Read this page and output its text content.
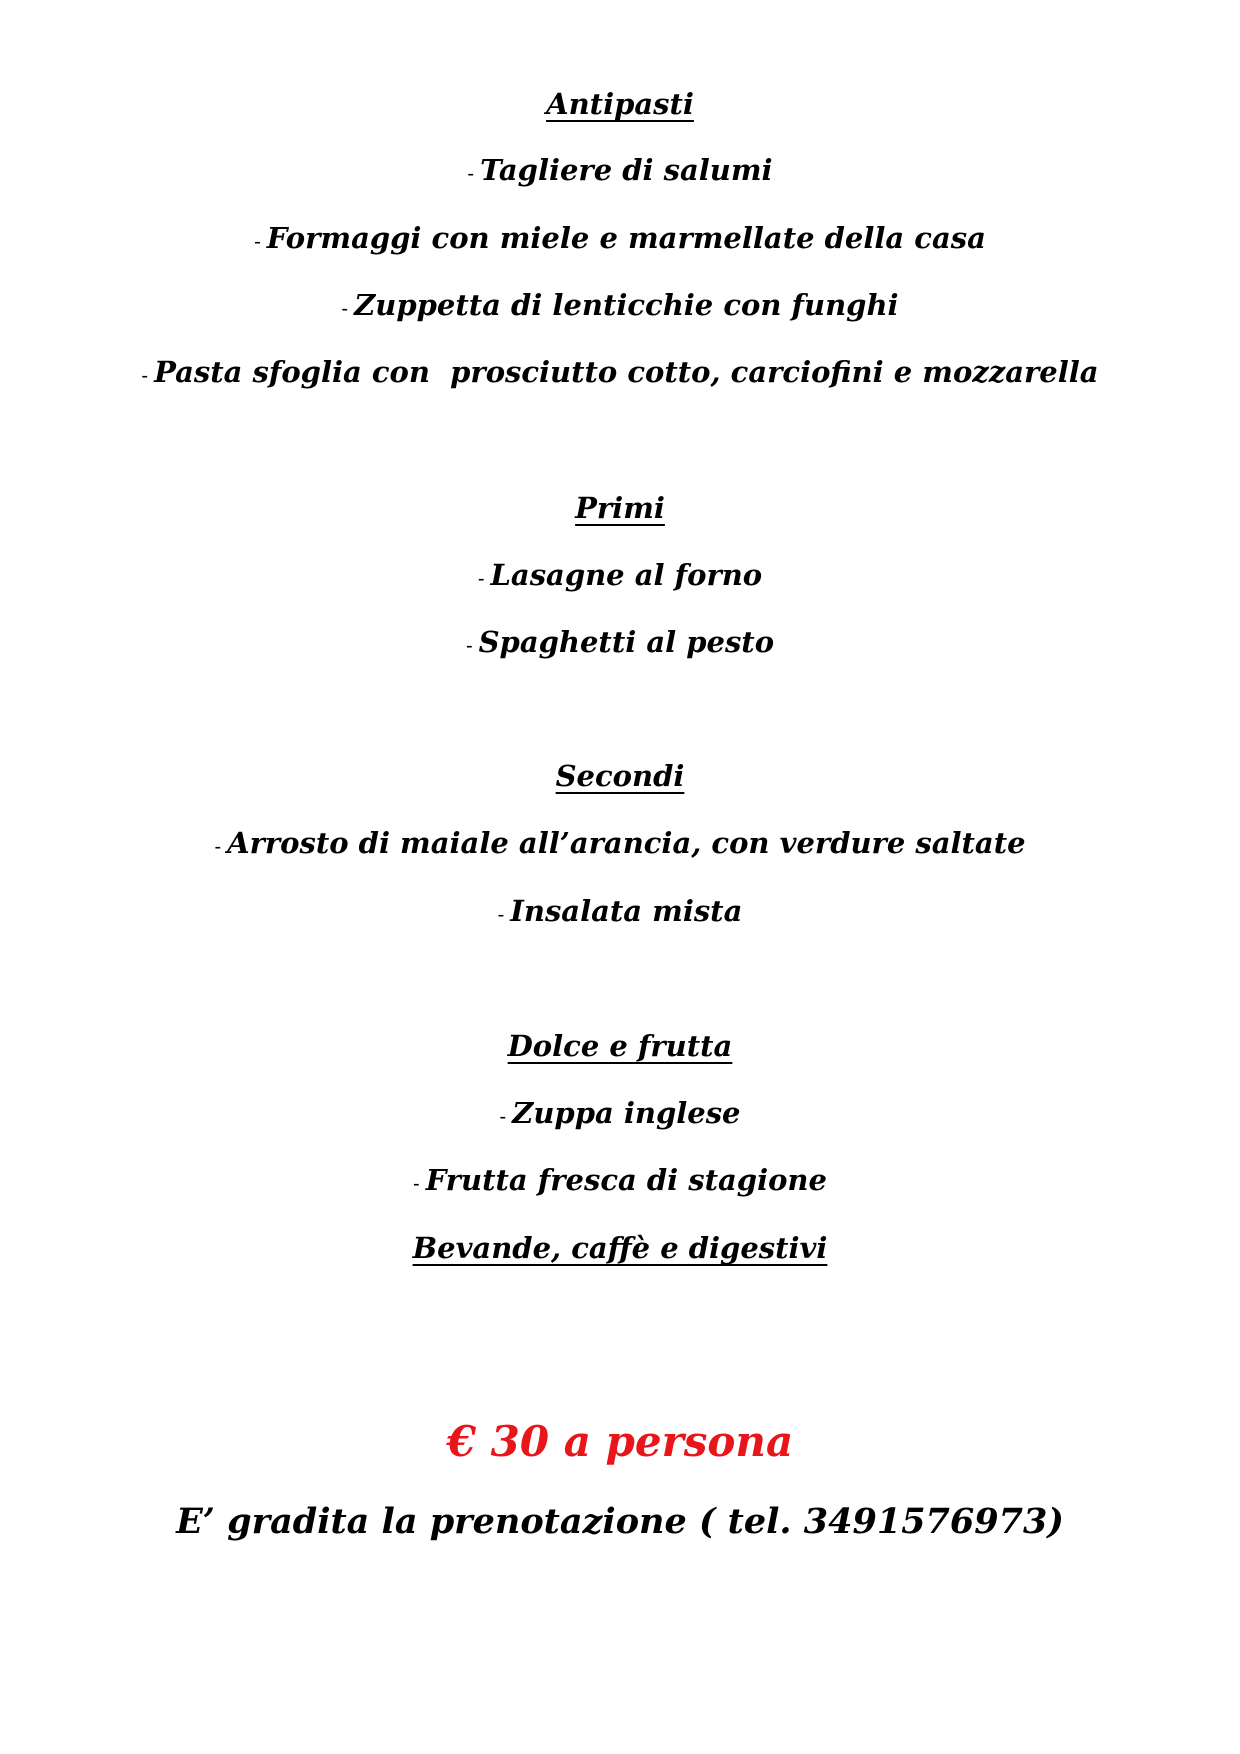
Antipasti
- Tagliere di salumi
- Formaggi con miele e marmellate della casa
- Zuppetta di lenticchie con funghi
- Pasta sfoglia con  prosciutto cotto, carciofini e mozzarella
Primi
- Lasagne al forno
- Spaghetti al pesto
Secondi
- Arrosto di maiale all’arancia, con verdure saltate
- Insalata mista
Dolce e frutta
- Zuppa inglese
- Frutta fresca di stagione
Bevande, caffè e digestivi
€ 30 a persona
E’ gradita la prenotazione ( tel. 3491576973)
